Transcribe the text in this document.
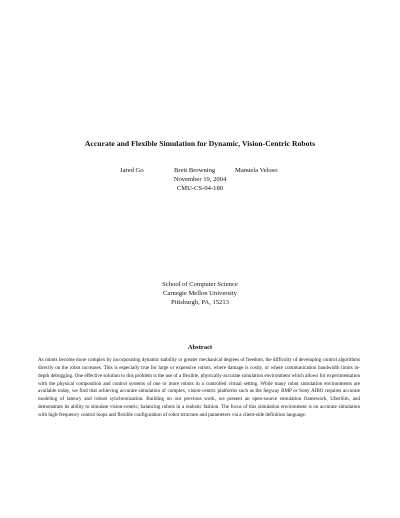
Accurate and Flexible Simulation for Dynamic, Vision-Centric Robots
Jared Go	Brett Browning	Manuela Veloso
November 19, 2004
CMU-CS-04-180
School of Computer Science
Carnegie Mellon University
Pittsburgh, PA, 15213
Abstract
As robots become more complex by incorporating dynamic stability or greater mechanical degrees of freedom, the difficulty of developing control algorithms directly on the robot increases. This is especially true for large or expensive robots, where damage is costly, or where communication bandwidth limits in-depth debugging. One effective solution to this problem is the use of a flexible, physically-accurate simulation environment which allows for experimentation with the physical composition and control systems of one or more robots in a controlled virtual setting. While many robot simulation environments are available today, we find that achieving accurate simulation of complex, vision-centric platforms such as the Segway RMP or Sony AIBO requires accurate modeling of latency and robust synchronization. Building on our previous work, we present an open-source simulation framework, UberSim, and demonstrate its ability to simulate vision-centric, balancing robots in a realistic fashion. The focus of this simulation environment is on accurate simulation with high-frequency control loops and flexible configuration of robot structure and parameters via a client-side definition language.
